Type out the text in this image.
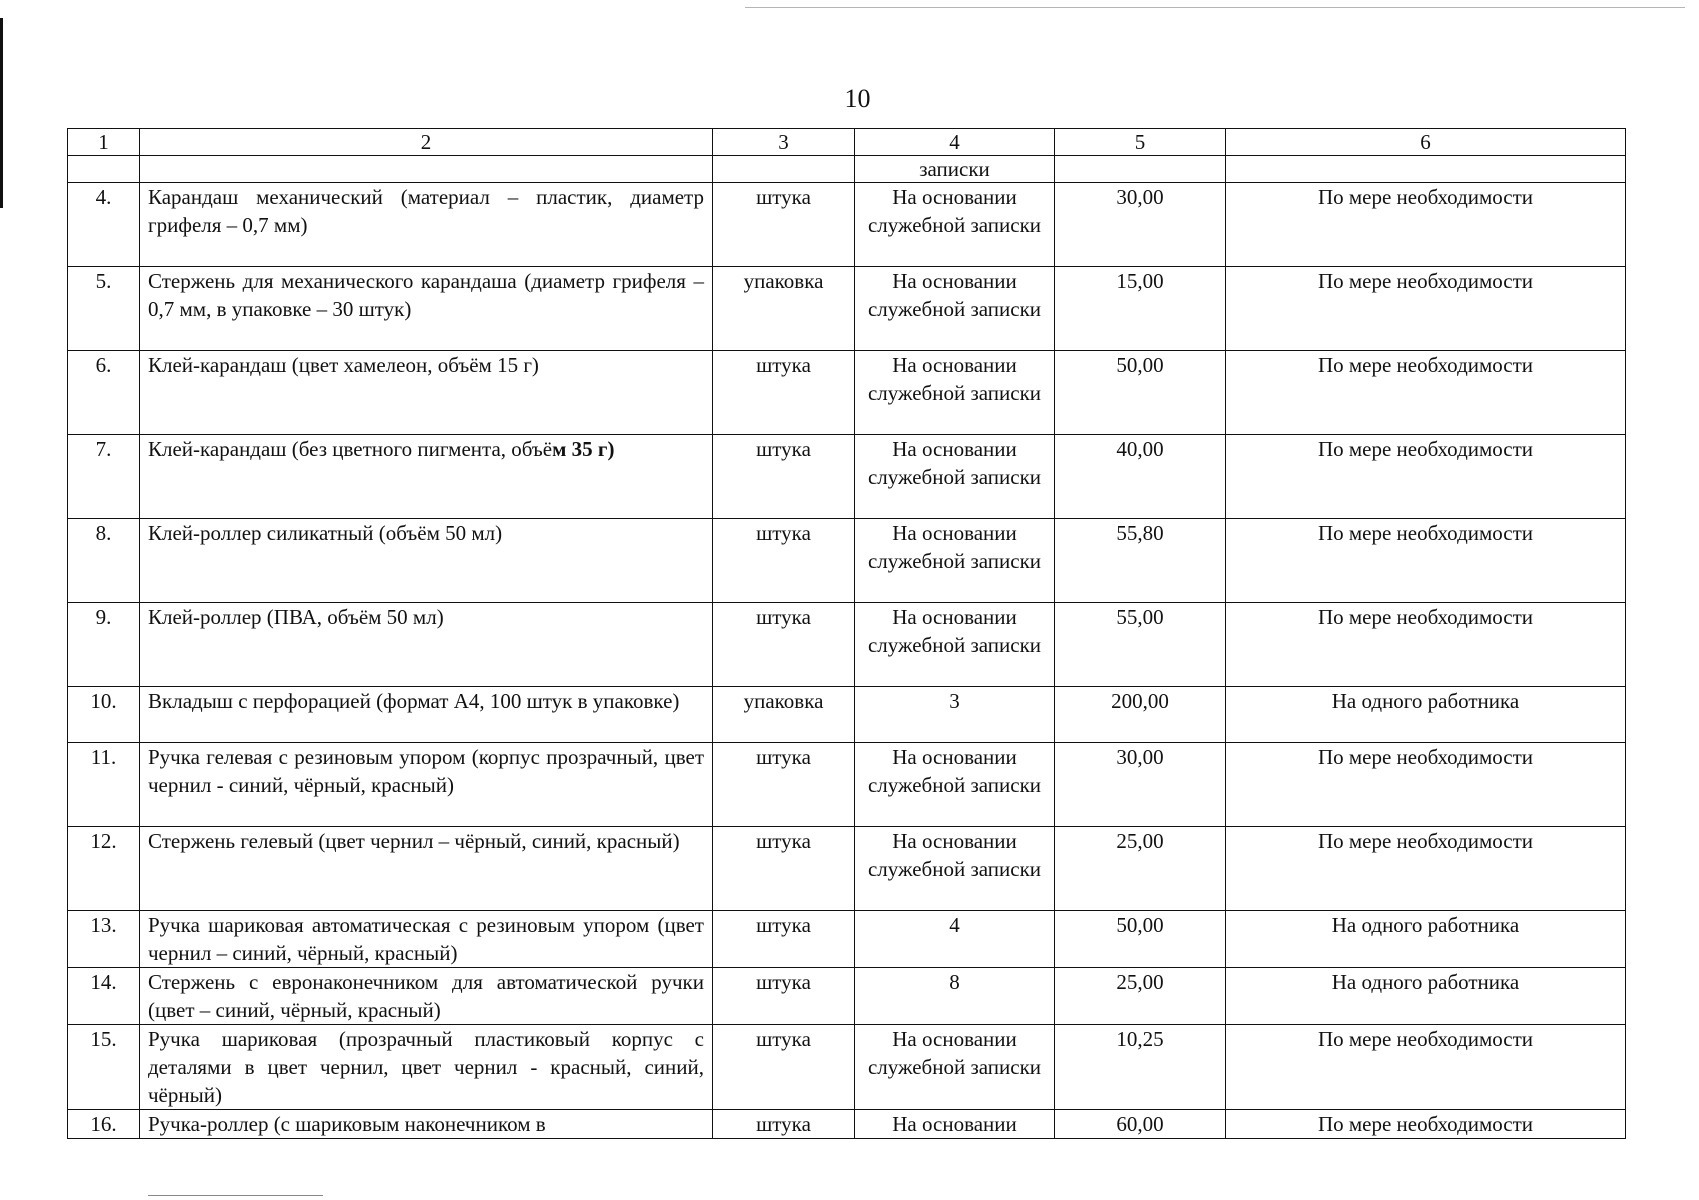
10
1	2	3	4	5	6
			записки		
4.	Карандаш механический (материал – пластик, диаметр грифеля – 0,7 мм)	штука	На основании служебной записки	30,00	По мере необходимости
5.	Стержень для механического карандаша (диаметр грифеля – 0,7 мм, в упаковке – 30 штук)	упаковка	На основании служебной записки	15,00	По мере необходимости
6.	Клей-карандаш (цвет хамелеон, объём 15 г)	штука	На основании служебной записки	50,00	По мере необходимости
7.	Клей-карандаш (без цветного пигмента, объём 35 г)	штука	На основании служебной записки	40,00	По мере необходимости
8.	Клей-роллер силикатный (объём 50 мл)	штука	На основании служебной записки	55,80	По мере необходимости
9.	Клей-роллер (ПВА, объём 50 мл)	штука	На основании служебной записки	55,00	По мере необходимости
10.	Вкладыш с перфорацией (формат А4, 100 штук в упаковке)	упаковка	3	200,00	На одного работника
11.	Ручка гелевая с резиновым упором (корпус прозрачный, цвет чернил - синий, чёрный, красный)	штука	На основании служебной записки	30,00	По мере необходимости
12.	Стержень гелевый (цвет чернил – чёрный, синий, красный)	штука	На основании служебной записки	25,00	По мере необходимости
13.	Ручка шариковая автоматическая с резиновым упором (цвет чернил – синий, чёрный, красный)	штука	4	50,00	На одного работника
14.	Стержень с евронаконечником для автоматической ручки (цвет – синий, чёрный, красный)	штука	8	25,00	На одного работника
15.	Ручка шариковая (прозрачный пластиковый корпус с деталями в цвет чернил, цвет чернил - красный, синий, чёрный)	штука	На основании служебной записки	10,25	По мере необходимости
16.	Ручка-роллер (с шариковым наконечником в	штука	На основании	60,00	По мере необходимости
